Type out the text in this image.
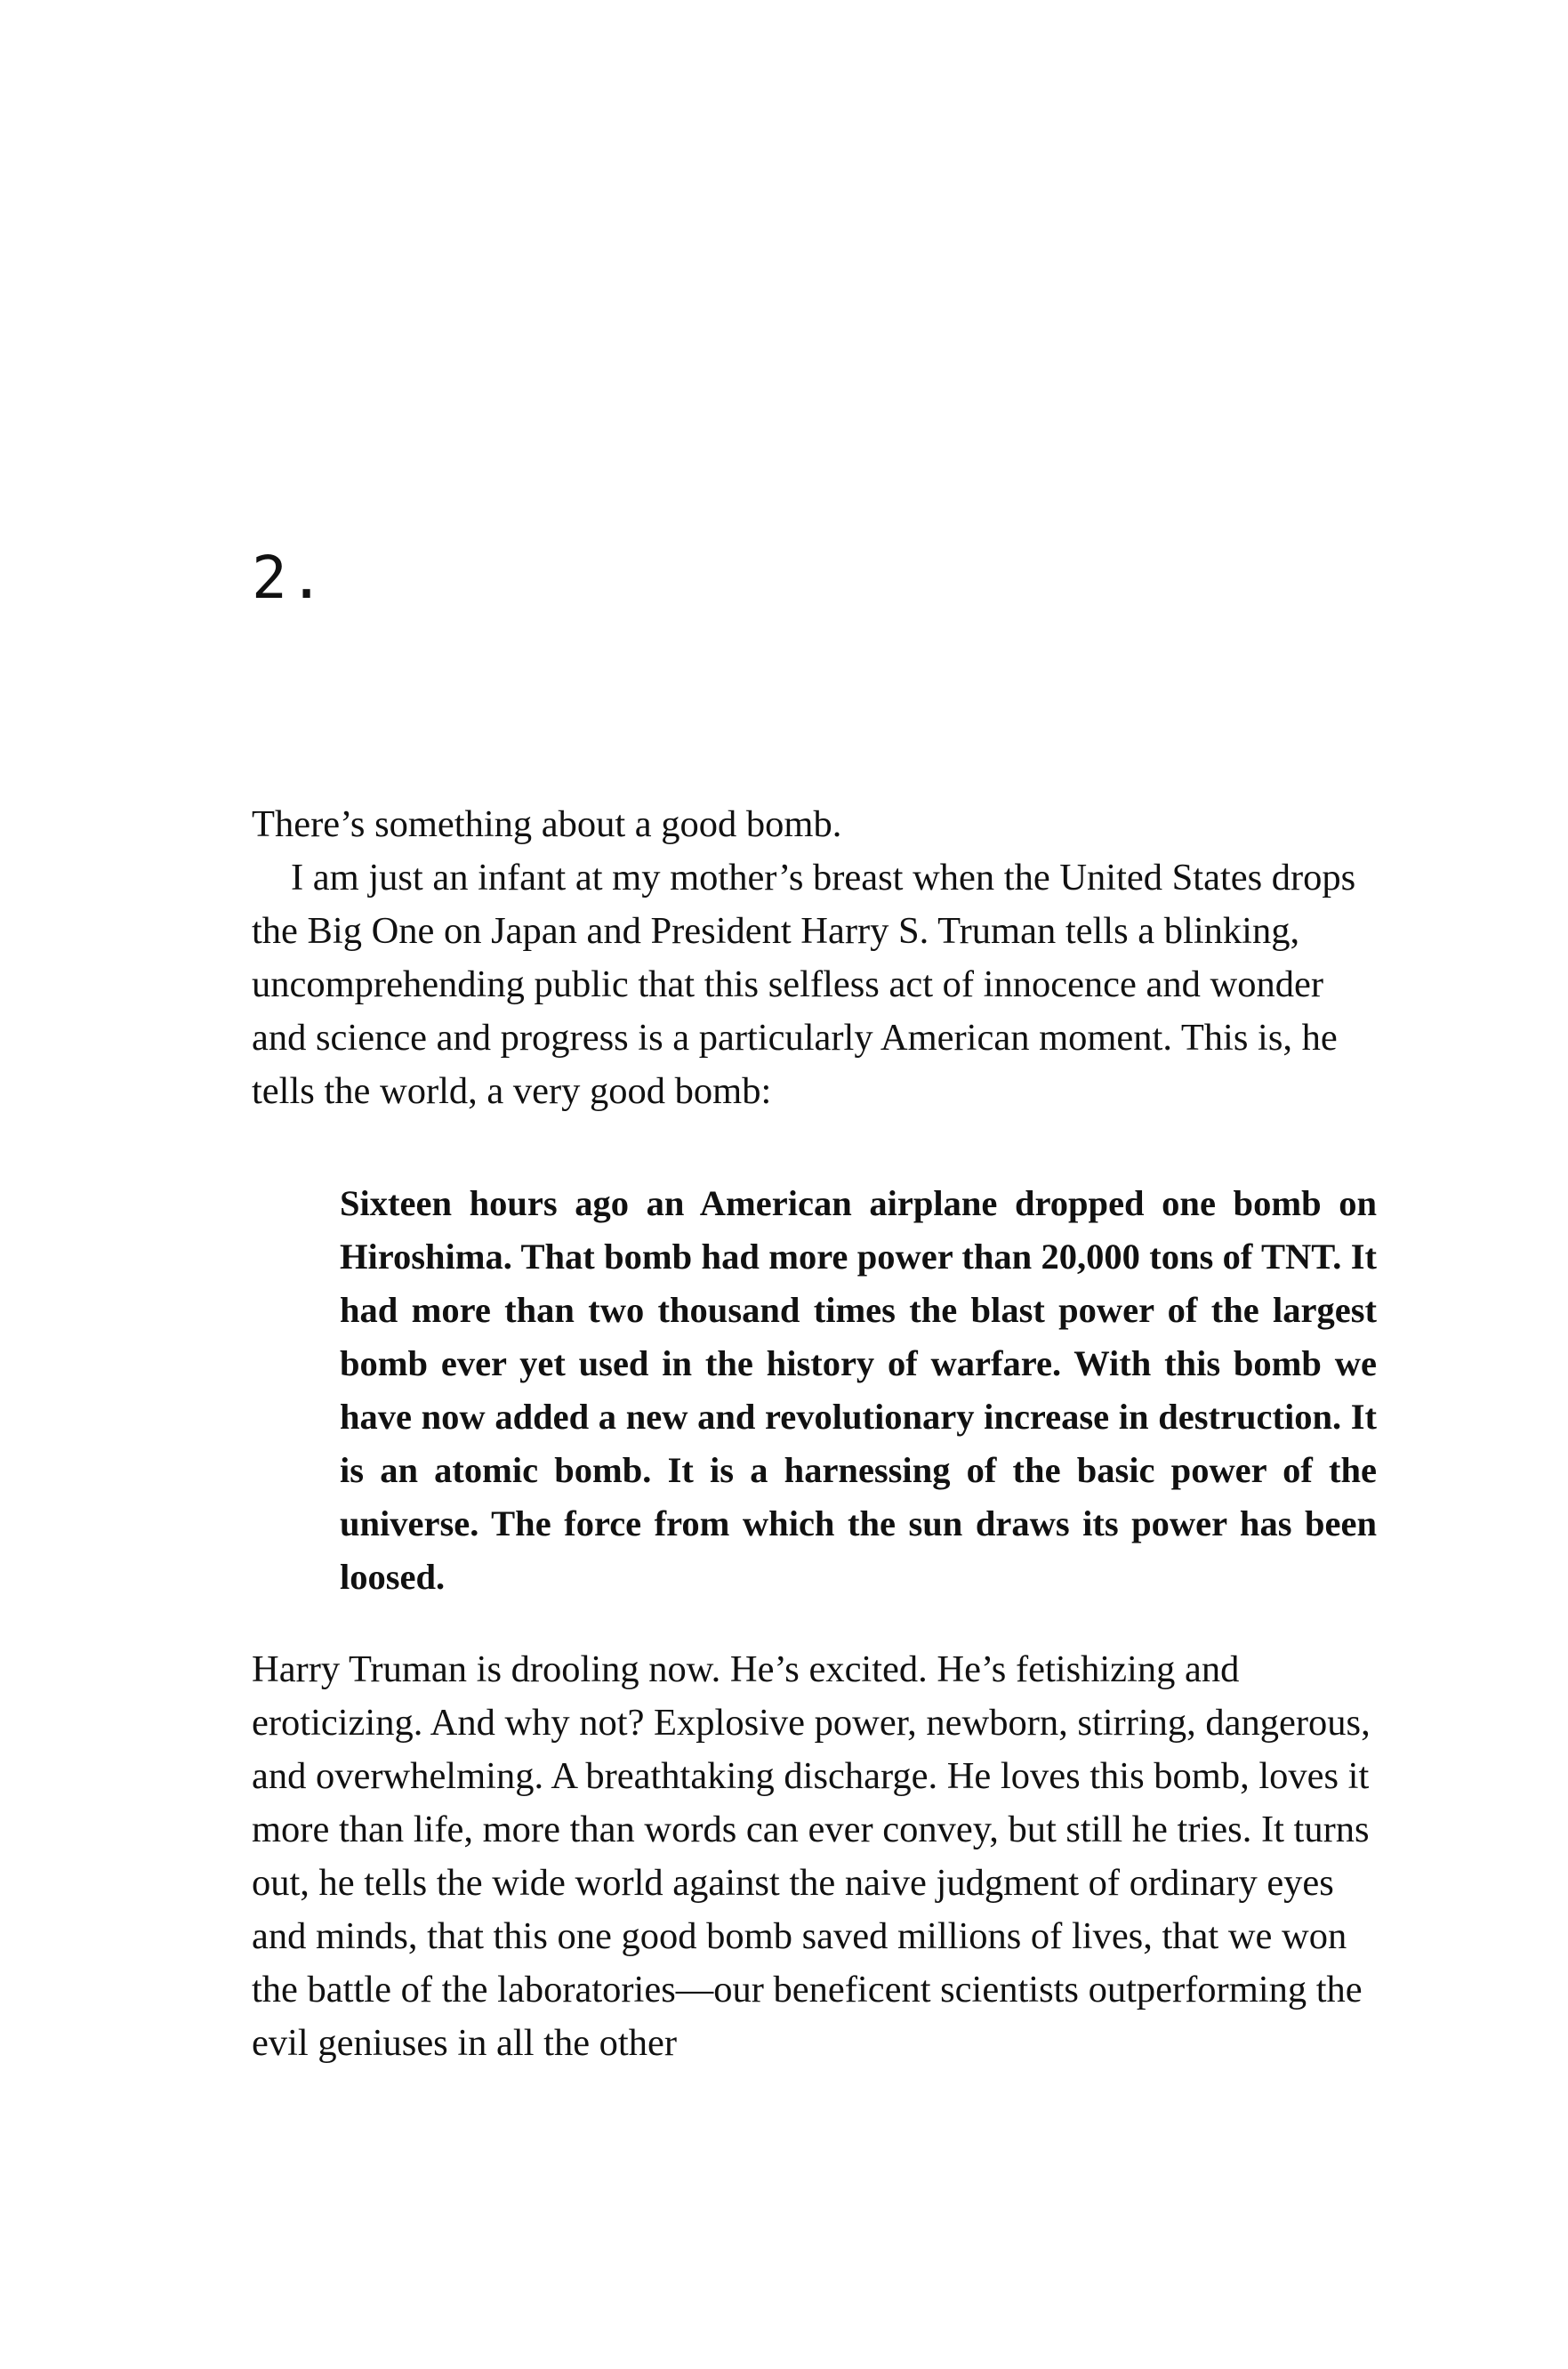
2.

There’s something about a good bomb.

I am just an infant at my mother’s breast when the United States drops the Big One on Japan and President Harry S. Truman tells a blinking, uncomprehending public that this selfless act of innocence and wonder and science and progress is a particularly American moment. This is, he tells the world, a very good bomb:

Sixteen hours ago an American airplane dropped one bomb on Hiroshima. That bomb had more power than 20,000 tons of TNT. It had more than two thousand times the blast power of the largest bomb ever yet used in the history of warfare. With this bomb we have now added a new and revolutionary increase in destruction. It is an atomic bomb. It is a harnessing of the basic power of the universe. The force from which the sun draws its power has been loosed.

Harry Truman is drooling now. He’s excited. He’s fetishizing and eroticizing. And why not? Explosive power, newborn, stirring, dangerous, and overwhelming. A breathtaking discharge. He loves this bomb, loves it more than life, more than words can ever convey, but still he tries. It turns out, he tells the wide world against the naive judgment of ordinary eyes and minds, that this one good bomb saved millions of lives, that we won the battle of the laboratories—our beneficent scientists outperforming the evil geniuses in all the other
